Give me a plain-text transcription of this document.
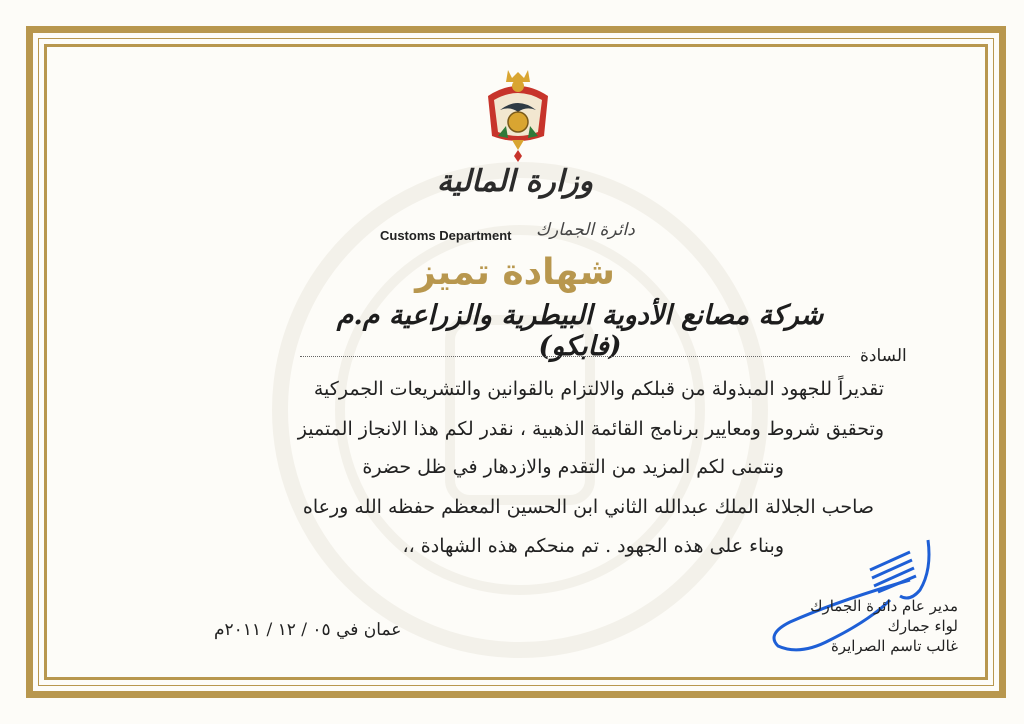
وزارة المالية
دائرة الجمارك
Customs Department
شهادة تميز
شركة مصانع الأدوية البيطرية والزراعية م.م (فابكو)	السادة
تقديراً للجهود المبذولة من قبلكم والالتزام بالقوانين والتشريعات الجمركية
وتحقيق شروط ومعايير برنامج القائمة الذهبية ، نقدر لكم هذا الانجاز المتميز
ونتمنى لكم المزيد من التقدم والازدهار في ظل حضرة
صاحب الجلالة الملك عبدالله الثاني ابن الحسين المعظم حفظه الله ورعاه
وبناء على هذه الجهود . تم منحكم هذه الشهادة ،،
عمان في ٠٥ / ١٢ / ٢٠١١م
مدير عام دائرة الجمارك
لواء جمارك
غالب تاسم الصرايرة
